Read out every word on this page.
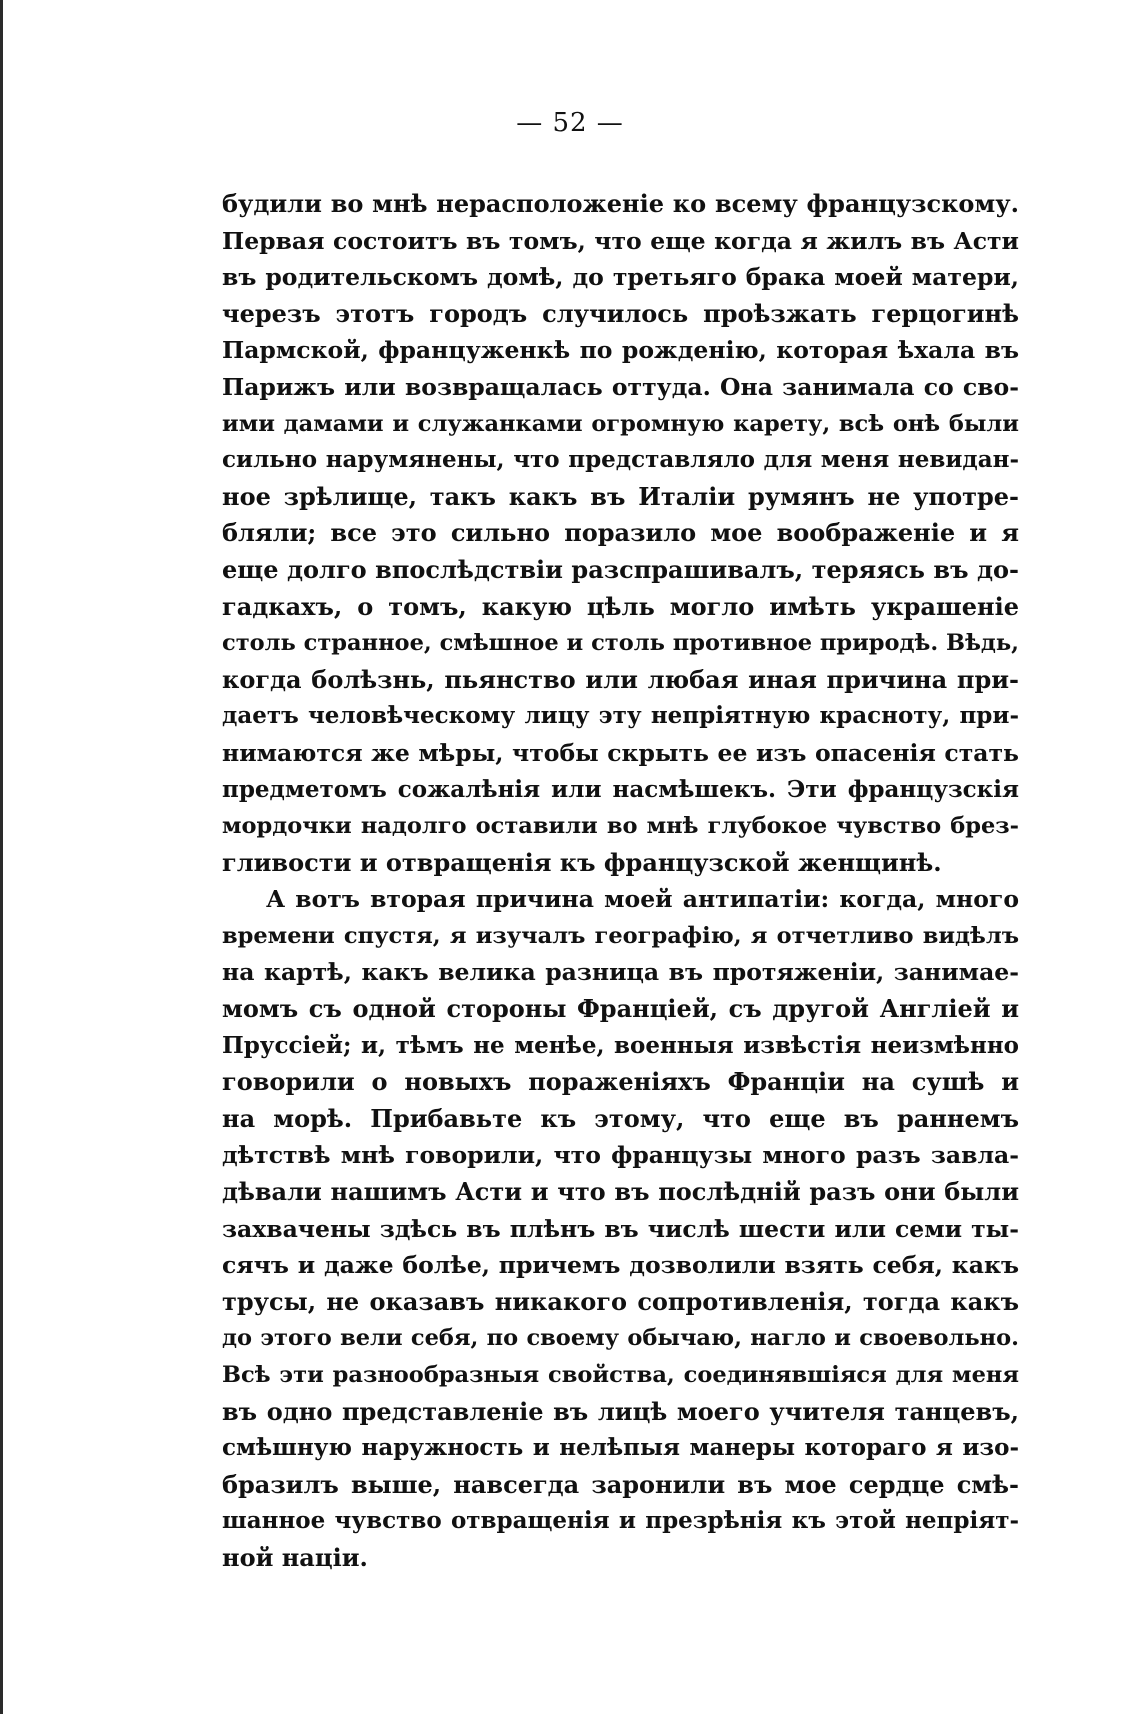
— 52 —
будили во мнѣ нерасположеніе ко всему французскому.
Первая состоитъ въ томъ, что еще когда я жилъ въ Асти
въ родительскомъ домѣ, до третьяго брака моей матери,
черезъ этотъ городъ случилось проѣзжать герцогинѣ
Пармской, француженкѣ по рожденію, которая ѣхала въ
Парижъ или возвращалась оттуда. Она занимала со сво-
ими дамами и служанками огромную карету, всѣ онѣ были
сильно нарумянены, что представляло для меня невидан-
ное зрѣлище, такъ какъ въ Италіи румянъ не употре-
бляли; все это сильно поразило мое воображеніе и я
еще долго впослѣдствіи разспрашивалъ, теряясь въ до-
гадкахъ, о томъ, какую цѣль могло имѣть украшеніе
столь странное, смѣшное и столь противное природѣ. Вѣдь,
когда болѣзнь, пьянство или любая иная причина при-
даетъ человѣческому лицу эту непріятную красноту, при-
нимаются же мѣры, чтобы скрыть ее изъ опасенія стать
предметомъ сожалѣнія или насмѣшекъ. Эти французскія
мордочки надолго оставили во мнѣ глубокое чувство брез-
гливости и отвращенія къ французской женщинѣ.
А вотъ вторая причина моей антипатіи: когда, много
времени спустя, я изучалъ географію, я отчетливо видѣлъ
на картѣ, какъ велика разница въ протяженіи, занимае-
момъ съ одной стороны Франціей, съ другой Англіей и
Пруссіей; и, тѣмъ не менѣе, военныя извѣстія неизмѣнно
говорили о новыхъ пораженіяхъ Франціи на сушѣ и
на морѣ. Прибавьте къ этому, что еще въ раннемъ
дѣтствѣ мнѣ говорили, что французы много разъ завла-
дѣвали нашимъ Асти и что въ послѣдній разъ они были
захвачены здѣсь въ плѣнъ въ числѣ шести или семи ты-
сячъ и даже болѣе, причемъ дозволили взять себя, какъ
трусы, не оказавъ никакого сопротивленія, тогда какъ
до этого вели себя, по своему обычаю, нагло и своевольно.
Всѣ эти разнообразныя свойства, соединявшіяся для меня
въ одно представленіе въ лицѣ моего учителя танцевъ,
смѣшную наружность и нелѣпыя манеры котораго я изо-
бразилъ выше, навсегда заронили въ мое сердце смѣ-
шанное чувство отвращенія и презрѣнія къ этой непріят-
ной націи.
